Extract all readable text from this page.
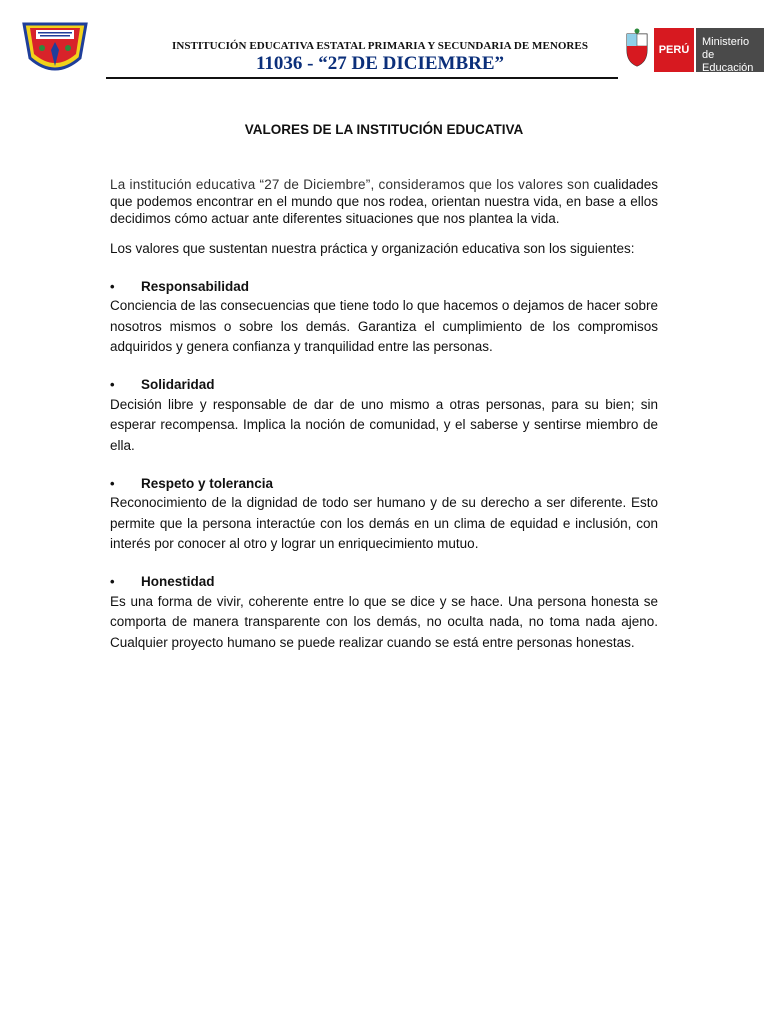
INSTITUCIÓN EDUCATIVA ESTATAL PRIMARIA Y SECUNDARIA DE MENORES
11036 - “27 DE DICIEMBRE”
PERÚ
Ministerio
de Educación
VALORES DE LA INSTITUCIÓN EDUCATIVA

La institución educativa “27 de Diciembre”, consideramos que los valores son cualidades que podemos encontrar en el mundo que nos rodea, orientan nuestra vida, en base a ellos decidimos cómo actuar ante diferentes situaciones que nos plantea la vida.

Los valores que sustentan nuestra práctica y organización educativa son los siguientes:

•	Responsabilidad

Conciencia de las consecuencias que tiene todo lo que hacemos o dejamos de hacer sobre nosotros mismos o sobre los demás. Garantiza el cumplimiento de los compromisos adquiridos y genera confianza y tranquilidad entre las personas.

•	Solidaridad

Decisión libre y responsable de dar de uno mismo a otras personas, para su bien; sin esperar recompensa. Implica la noción de comunidad, y el saberse y sentirse miembro de ella.

•	Respeto y tolerancia

Reconocimiento de la dignidad de todo ser humano y de su derecho a ser diferente. Esto permite que la persona interactúe con los demás en un clima de equidad e inclusión, con interés por conocer al otro y lograr un enriquecimiento mutuo.

•	Honestidad

Es una forma de vivir, coherente entre lo que se dice y se hace. Una persona honesta se comporta de manera transparente con los demás, no oculta nada, no toma nada ajeno. Cualquier proyecto humano se puede realizar cuando se está entre personas honestas.
